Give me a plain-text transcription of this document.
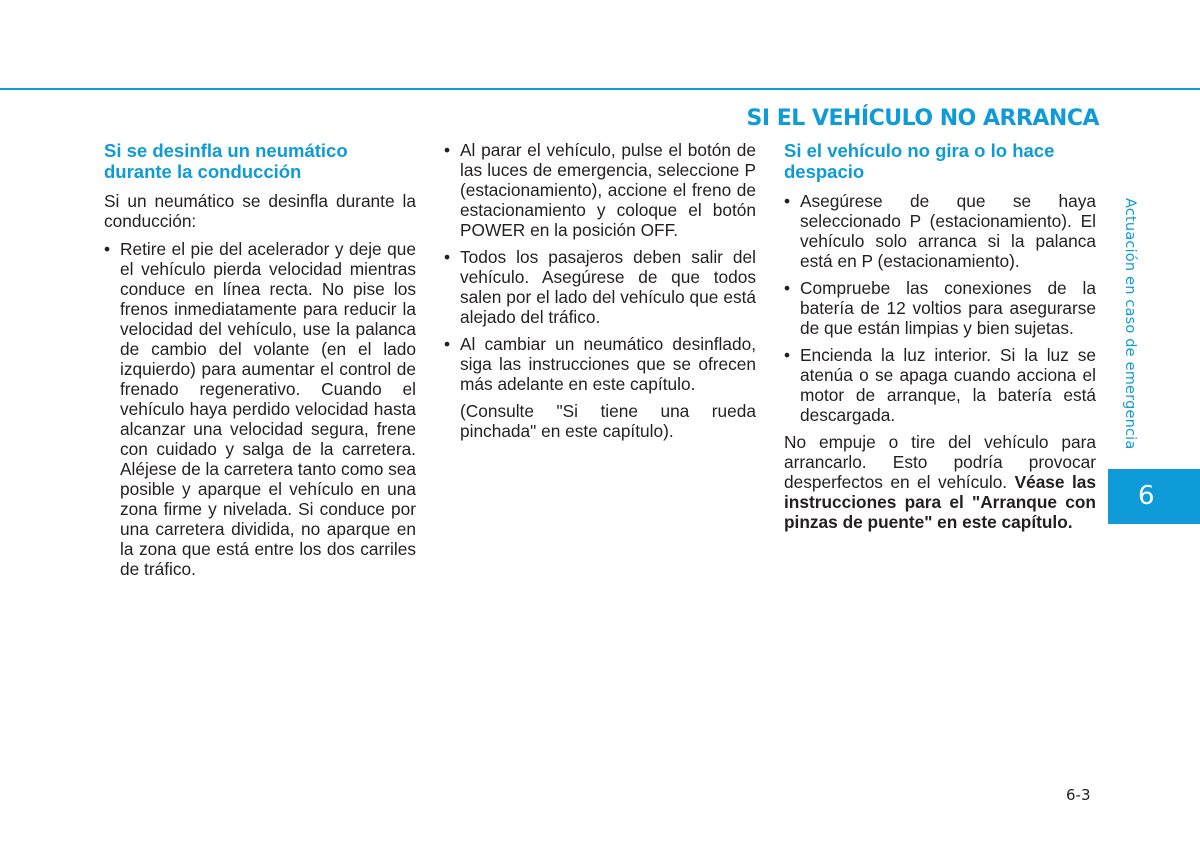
SI EL VEHÍCULO NO ARRANCA
Si se desinfla un neumático durante la conducción

Si un neumático se desinfla durante la conducción:

• Retire el pie del acelerador y deje que el vehículo pierda velocidad mientras conduce en línea recta. No pise los frenos inmediatamente para reducir la velocidad del vehículo, use la palanca de cambio del volante (en el lado izquierdo) para aumentar el control de frenado regenerativo. Cuando el vehículo haya perdido velocidad hasta alcanzar una velocidad segura, frene con cuidado y salga de la carretera. Aléjese de la carretera tanto como sea posible y aparque el vehículo en una zona firme y nivelada. Si conduce por una carretera dividida, no aparque en la zona que está entre los dos carriles de tráfico.
• Al parar el vehículo, pulse el botón de las luces de emergencia, seleccione P (estacionamiento), accione el freno de estacionamiento y coloque el botón POWER en la posición OFF.
• Todos los pasajeros deben salir del vehículo. Asegúrese de que todos salen por el lado del vehículo que está alejado del tráfico.
• Al cambiar un neumático desinflado, siga las instrucciones que se ofrecen más adelante en este capítulo.

(Consulte "Si tiene una rueda pinchada" en este capítulo).

Si el vehículo no gira o lo hace despacio
• Asegúrese de que se haya seleccionado P (estacionamiento). El vehículo solo arranca si la palanca está en P (estacionamiento).
• Compruebe las conexiones de la batería de 12 voltios para asegurarse de que están limpias y bien sujetas.
• Encienda la luz interior. Si la luz se atenúa o se apaga cuando acciona el motor de arranque, la batería está descargada.

No empuje o tire del vehículo para arrancarlo. Esto podría provocar desperfectos en el vehículo. Véase las instrucciones para el "Arranque con pinzas de puente" en este capítulo.

Actuación en caso de emergencia
6
6-3
